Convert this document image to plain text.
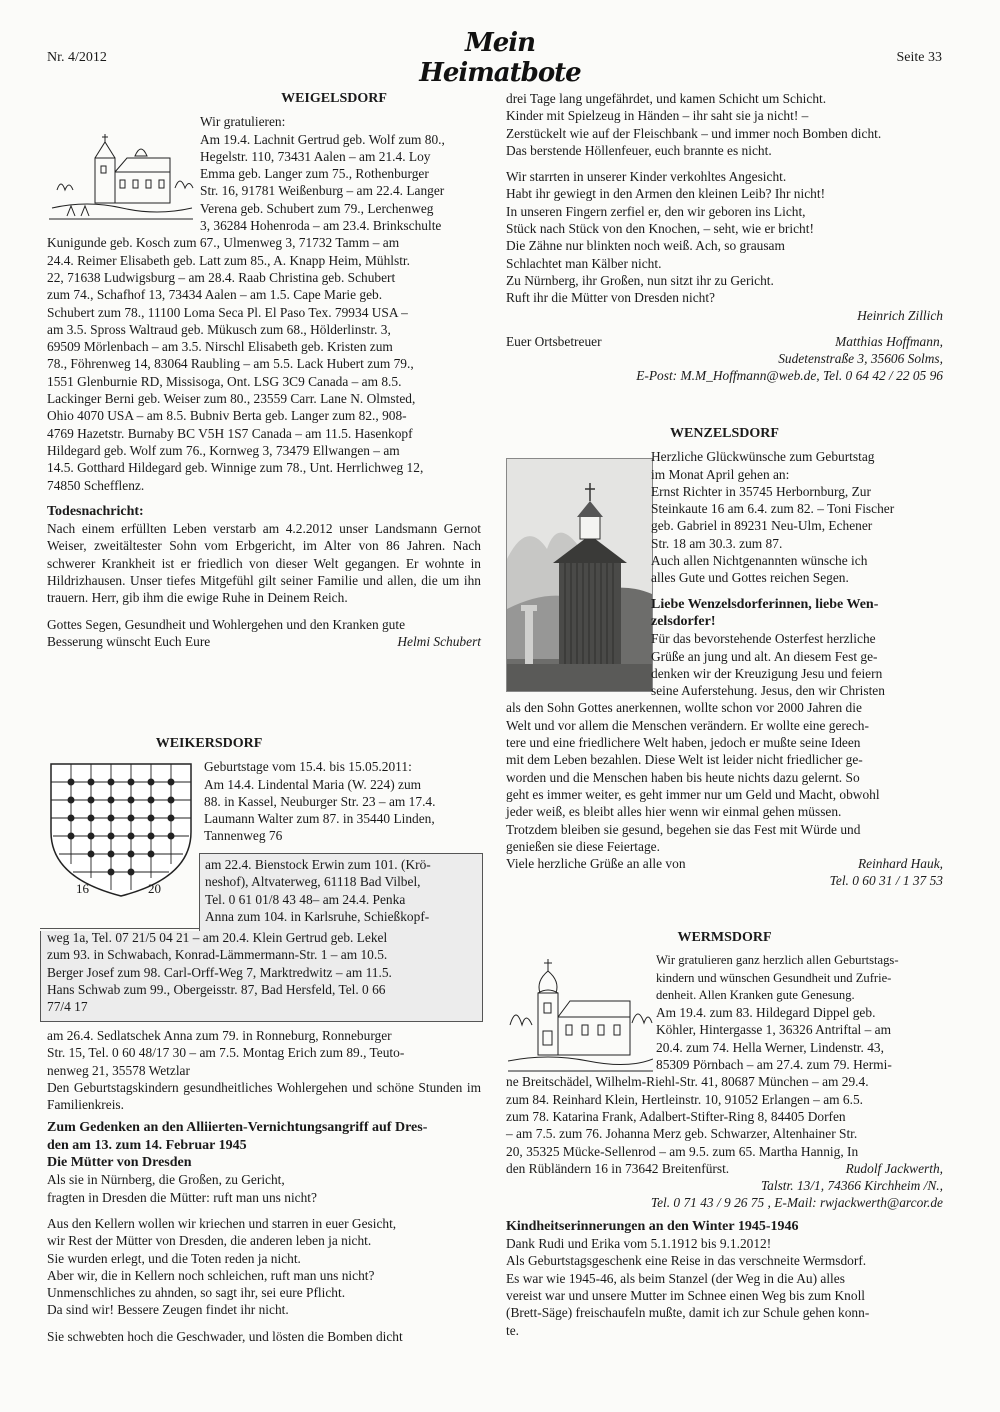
Nr. 4/2012	Mein Heimatbote
Seite 33
WEIGELSDORF

Wir gratulieren:

Am 19.4. Lachnit Gertrud geb. Wolf zum 80.,

Hegelstr. 110, 73431 Aalen – am 21.4. Loy

Emma geb. Langer zum 75., Rothenburger

Str. 16, 91781 Weißenburg – am 22.4. Langer

Verena geb. Schubert zum 79., Lerchenweg

3, 36284 Hohenroda – am 23.4. Brinkschulte

Kunigunde geb. Kosch zum 67., Ulmenweg 3, 71732 Tamm – am

24.4. Reimer Elisabeth geb. Latt zum 85., A. Knapp Heim, Mühlstr.

22, 71638 Ludwigsburg – am 28.4. Raab Christina geb. Schubert

zum 74., Schafhof 13, 73434 Aalen – am 1.5. Cape Marie geb.

Schubert zum 78., 11100 Loma Seca Pl. El Paso Tex. 79934 USA –

am 3.5. Spross Waltraud geb. Mükusch zum 68., Hölderlinstr. 3,

69509 Mörlenbach – am 3.5. Nirschl Elisabeth geb. Kristen zum

78., Föhrenweg 14, 83064 Raubling – am 5.5. Lack Hubert zum 79.,

1551 Glenburnie RD, Missisoga, Ont. LSG 3C9 Canada – am 8.5.

Lackinger Berni geb. Weiser zum 80., 23559 Carr. Lane N. Olmsted,

Ohio 4070 USA – am 8.5. Bubniv Berta geb. Langer zum 82., 908-

4769 Hazetstr. Burnaby BC V5H 1S7 Canada – am 11.5. Hasenkopf

Hildegard geb. Wolf zum 76., Kornweg 3, 73479 Ellwangen – am

14.5. Gotthard Hildegard geb. Winnige zum 78., Unt. Herrlichweg 12,

74850 Schefflenz.

Todesnachricht:

Nach einem erfüllten Leben verstarb am 4.2.2012 unser Landsmann Gernot Weiser, zweitältester Sohn vom Erbgericht, im Alter von 86 Jahren. Nach schwerer Krankheit ist er friedlich von dieser Welt gegangen. Er wohnte in Hildrizhausen. Unser tiefes Mitgefühl gilt seiner Familie und allen, die um ihn trauern. Herr, gib ihm die ewige Ruhe in Deinem Reich.

Gottes Segen, Gesundheit und Wohlergehen und den Kranken gute

Besserung wünscht Euch Eure	Helmi Schubert

16	20
WEIKERSDORF

Geburtstage vom 15.4. bis 15.05.2011:

Am 14.4. Lindental Maria (W. 224) zum

88. in Kassel, Neuburger Str. 23 – am 17.4.

Laumann Walter zum 87. in 35440 Linden,

Tannenweg 76

am 22.4. Bienstock Erwin zum 101. (Krö-

neshof), Altvaterweg, 61118 Bad Vilbel,

Tel. 0 61 01/8 43 48– am 24.4. Penka

Anna zum 104. in Karlsruhe, Schießkopf-

weg 1a, Tel. 07 21/5 04 21 – am 20.4. Klein Gertrud geb. Lekel

zum 93. in Schwabach, Konrad-Lämmermann-Str. 1 – am 10.5.

Berger Josef zum 98. Carl-Orff-Weg 7, Marktredwitz – am 11.5.

Hans Schwab zum 99., Obergeisstr. 87, Bad Hersfeld, Tel. 0 66

77/4 17

am 26.4. Sedlatschek Anna zum 79. in Ronneburg, Ronneburger

Str. 15, Tel. 0 60 48/17 30 – am 7.5. Montag Erich zum 89., Teuto-

nenweg 21, 35578 Wetzlar

Den Geburtstagskindern gesundheitliches Wohlergehen und schöne Stunden im Familienkreis.

Zum Gedenken an den Alliierten-Vernichtungsangriff auf Dres-

den am 13. zum 14. Februar 1945

Die Mütter von Dresden

Als sie in Nürnberg, die Großen, zu Gericht,

fragten in Dresden die Mütter: ruft man uns nicht?

Aus den Kellern wollen wir kriechen und starren in euer Gesicht,

wir Rest der Mütter von Dresden, die anderen leben ja nicht.

Sie wurden erlegt, und die Toten reden ja nicht.

Aber wir, die in Kellern noch schleichen, ruft man uns nicht?

Unmenschliches zu ahnden, so sagt ihr, sei eure Pflicht.

Da sind wir! Bessere Zeugen findet ihr nicht.

Sie schwebten hoch die Geschwader, und lösten die Bomben dicht

drei Tage lang ungefährdet, und kamen Schicht um Schicht.

Kinder mit Spielzeug in Händen – ihr saht sie ja nicht! –

Zerstückelt wie auf der Fleischbank – und immer noch Bomben dicht.

Das berstende Höllenfeuer, euch brannte es nicht.

Wir starrten in unserer Kinder verkohltes Angesicht.

Habt ihr gewiegt in den Armen den kleinen Leib? Ihr nicht!

In unseren Fingern zerfiel er, den wir geboren ins Licht,

Stück nach Stück von den Knochen, – seht, wie er bricht!

Die Zähne nur blinkten noch weiß. Ach, so grausam

Schlachtet man Kälber nicht.

Zu Nürnberg, ihr Großen, nun sitzt ihr zu Gericht.

Ruft ihr die Mütter von Dresden nicht?

Heinrich Zillich

Euer Ortsbetreuer	Matthias Hoffmann,

Sudetenstraße 3, 35606 Solms,

E-Post: M.M_Hoffmann@web.de, Tel. 0 64 42 / 22 05 96

WENZELSDORF

Herzliche Glückwünsche zum Geburtstag

im Monat April gehen an:

Ernst Richter in 35745 Herbornburg, Zur

Steinkaute 16 am 6.4. zum 82. – Toni Fischer

geb. Gabriel in 89231 Neu-Ulm, Echener

Str. 18 am 30.3. zum 87.

Auch allen Nichtgenannten wünsche ich

alles Gute und Gottes reichen Segen.

Liebe Wenzelsdorferinnen, liebe Wen-

zelsdorfer!

Für das bevorstehende Osterfest herzliche

Grüße an jung und alt. An diesem Fest ge-

denken wir der Kreuzigung Jesu und feiern

seine Auferstehung. Jesus, den wir Christen

als den Sohn Gottes anerkennen, wollte schon vor 2000 Jahren die

Welt und vor allem die Menschen verändern. Er wollte eine gerech-

tere und eine friedlichere Welt haben, jedoch er mußte seine Ideen

mit dem Leben bezahlen. Diese Welt ist leider nicht friedlicher ge-

worden und die Menschen haben bis heute nichts dazu gelernt. So

geht es immer weiter, es geht immer nur um Geld und Macht, obwohl

jeder weiß, es bleibt alles hier wenn wir einmal gehen müssen.

Trotzdem bleiben sie gesund, begehen sie das Fest mit Würde und

genießen sie diese Feiertage.

Viele herzliche Grüße an alle von	Reinhard Hauk,

Tel. 0 60 31 / 1 37 53

WERMSDORF

Wir gratulieren ganz herzlich allen Geburtstags-

kindern und wünschen Gesundheit und Zufrie-

denheit. Allen Kranken gute Genesung.

Am 19.4. zum 83. Hildegard Dippel geb.

Köhler, Hintergasse 1, 36326 Antriftal – am

20.4. zum 74. Hella Werner, Lindenstr. 43,

85309 Pörnbach – am 27.4. zum 79. Hermi-

ne Breitschädel, Wilhelm-Riehl-Str. 41, 80687 München – am 29.4.

zum 84. Reinhard Klein, Hertleinstr. 10, 91052 Erlangen – am 6.5.

zum 78. Katarina Frank, Adalbert-Stifter-Ring 8, 84405 Dorfen

– am 7.5. zum 76. Johanna Merz geb. Schwarzer, Altenhainer Str.

20, 35325 Mücke-Sellenrod – am 9.5. zum 65. Martha Hannig, In

den Rübländern 16 in 73642 Breitenfürst.	Rudolf Jackwerth,

Talstr. 13/1, 74366 Kirchheim /N.,

Tel. 0 71 43 / 9 26 75 , E-Mail: rwjackwerth@arcor.de

Kindheitserinnerungen an den Winter 1945-1946

Dank Rudi und Erika vom 5.1.1912 bis 9.1.2012!

Als Geburtstagsgeschenk eine Reise in das verschneite Wermsdorf.

Es war wie 1945-46, als beim Stanzel (der Weg in die Au) alles

vereist war und unsere Mutter im Schnee einen Weg bis zum Knoll

(Brett-Säge) freischaufeln mußte, damit ich zur Schule gehen konn-

te.
